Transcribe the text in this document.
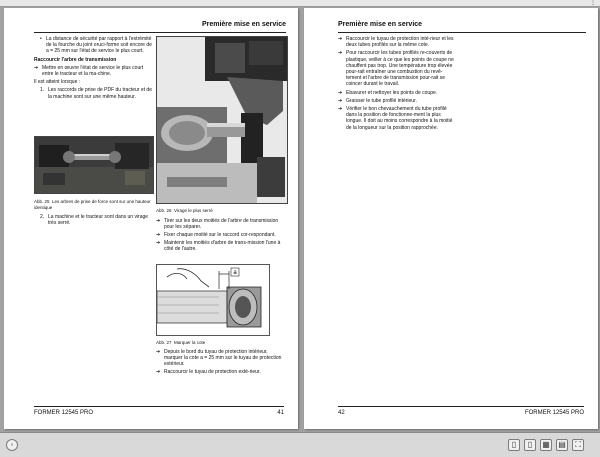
⋮
Première mise en service
• La distance de sécurité par rapport à l'extrémité de la fourche du joint oruci-forme soit encore de a = 25 mm sur l'état de service le plus court.
Raccourcir l'arbre de transmission
➔ Mettre en œuvre l'état de service le plus court entre le tracteur et la ma-chine.
Il est atteint lorsque :
1. Les raccords de prise de PDF du tracteur et de la machine sont sur une même hauteur.
Abb. 25 Les arbres de prise de force sont sur une hauteur identique
2. La machine et le tracteur sont dans un virage très serré.
Abb. 26 Virage le plus serré
➔ Tirer sur les deux moitiés de l'arbre de transmission pour les séparer.
➔ Fixer chaque moitié sur le raccord cor-respondant.
➔ Maintenir les moitiés d'arbre de trans-mission l'une à côté de l'autre.
a
Abb. 27 Marquer la cote
➔ Depuis le bord du tuyau de protection intérieur, marquer la cote a = 25 mm sur le tuyau de protection extérieur.
➔ Raccourcir le tuyau de protection exté-rieur.
FORMER 12545 PRO	41
Première mise en service
➔ Raccourcir le tuyau de protection inté-rieur et les deux tubes profilés sur la même cote.
➔ Pour raccourcir les tubes profilés re-couverts de plastique, veiller à ce que les points de coupe ne chauffent pas trop. Une température trop élevée pour-rait entraîner une combustion du revê-tement et l'arbre de transmission pour-rait se coincer durant le travail.
➔ Ebavurer et nettoyer les points de coupe.
➔ Graisser le tube profilé intérieur.
➔ Vérifier le bon chevauchement du tube profilé dans la position de fonctionne-ment la plus longue. Il doit au moins correspondre à la moitié de la longueur sur la position rapprochée.
42	FORMER 12545 PRO
◦	▯	▯	▦ ▤	⛶
